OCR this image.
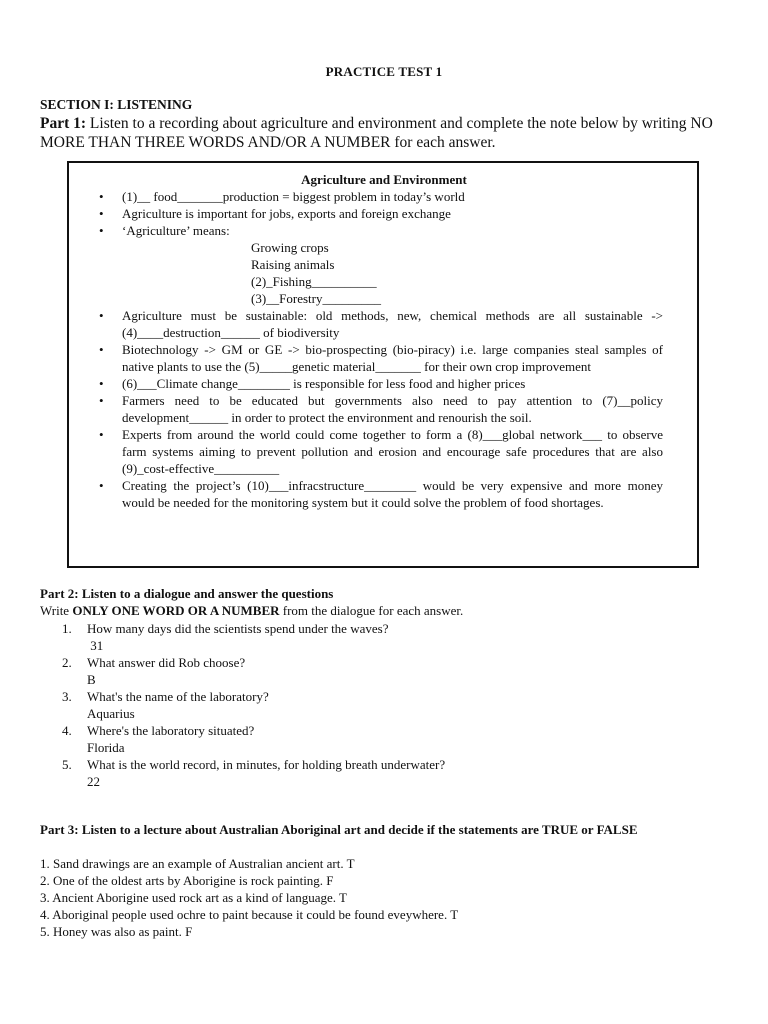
PRACTICE TEST 1
SECTION I: LISTENING
Part 1: Listen to a recording about agriculture and environment and complete the note below by writing NO MORE THAN THREE WORDS AND/OR A NUMBER for each answer.
Agriculture and Environment
• (1)__ food_______production = biggest problem in today’s world
• Agriculture is important for jobs, exports and foreign exchange
• ‘Agriculture’ means:
Growing crops
Raising animals
(2)_Fishing__________
(3)__Forestry_________
• Agriculture must be sustainable: old methods, new, chemical methods are all sustainable -> (4)____destruction______ of biodiversity
• Biotechnology -> GM or GE -> bio-prospecting (bio-piracy) i.e. large companies steal samples of native plants to use the (5)_____genetic material_______ for their own crop improvement
• (6)___Climate change________ is responsible for less food and higher prices
• Farmers need to be educated but governments also need to pay attention to (7)__policy development______ in order to protect the environment and renourish the soil.
• Experts from around the world could come together to form a (8)___global network___ to observe farm systems aiming to prevent pollution and erosion and encourage safe procedures that are also (9)_cost-effective__________
• Creating the project’s (10)___infracstructure________ would be very expensive and more money would be needed for the monitoring system but it could solve the problem of food shortages.
Part 2: Listen to a dialogue and answer the questions
Write ONLY ONE WORD OR A NUMBER from the dialogue for each answer.
1. How many days did the scientists spend under the waves?
31
2. What answer did Rob choose?
B
3. What's the name of the laboratory?
Aquarius
4. Where's the laboratory situated?
Florida
5. What is the world record, in minutes, for holding breath underwater?
22
Part 3: Listen to a lecture about Australian Aboriginal art and decide if the statements are TRUE or FALSE
1. Sand drawings are an example of Australian ancient art. T
2. One of the oldest arts by Aborigine is rock painting. F
3. Ancient Aborigine used rock art as a kind of language. T
4. Aboriginal people used ochre to paint because it could be found eveywhere. T
5. Honey was also as paint. F
